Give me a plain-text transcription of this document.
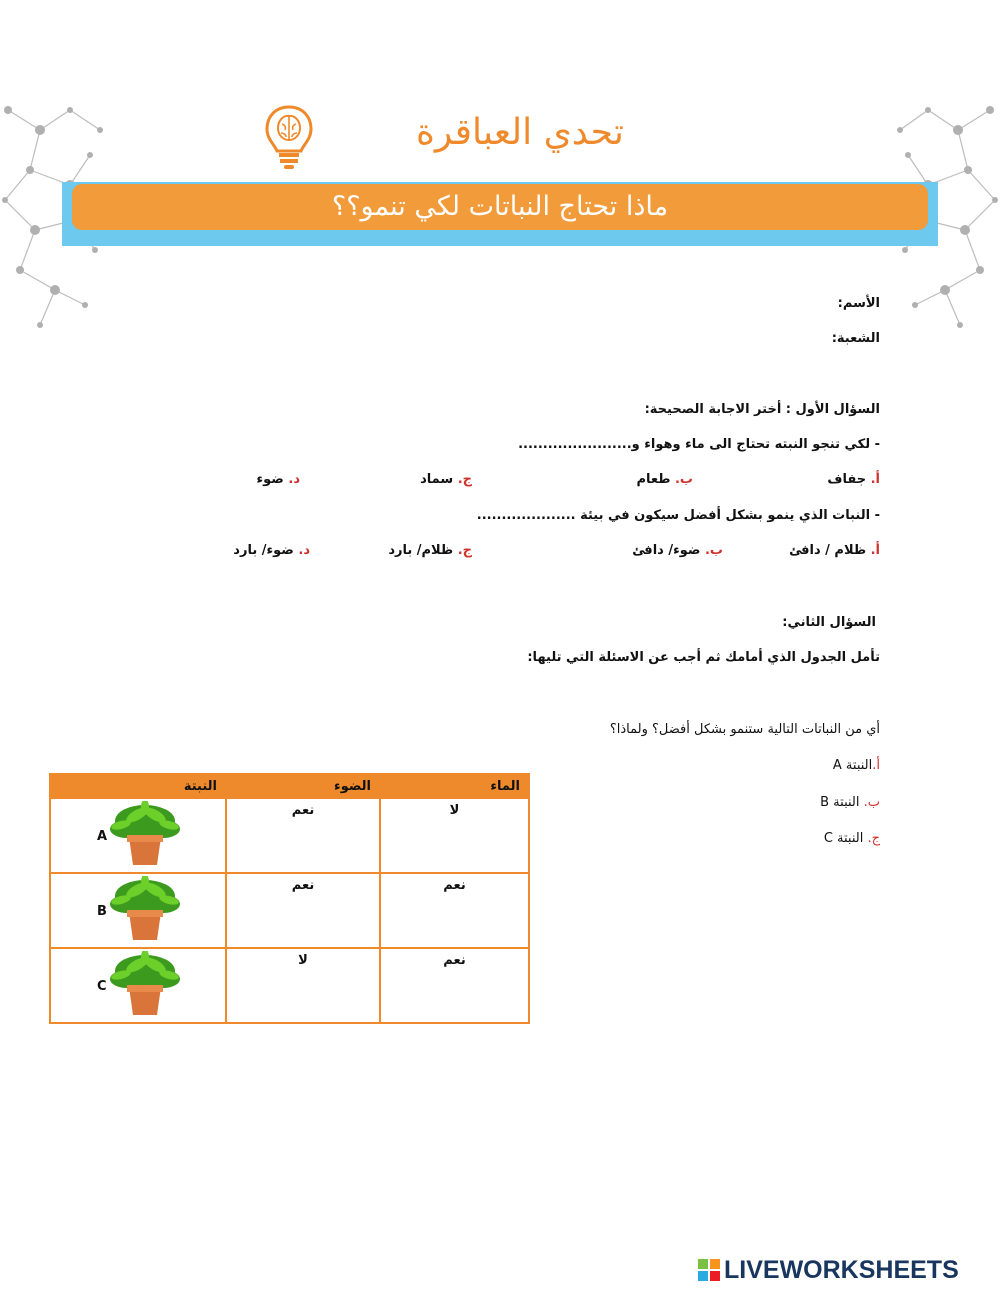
تحدي العباقرة
ماذا تحتاج النباتات لكي تنمو؟؟
الأسم:
الشعبة:
السؤال الأول : أختر الاجابة الصحيحة:
- لكي تنجو النبته تحتاج الى ماء وهواء و.......................
أ. جفاف
ب. طعام
ج. سماد
د. ضوء
- النبات الذي ينمو بشكل أفضل سيكون في بيئة ....................
أ. ظلام / دافئ
ب. ضوء/ دافئ
ج. ظلام/ بارد
د. ضوء/ بارد
السؤال الثاني:
تأمل الجدول الذي أمامك ثم أجب عن الاسئلة التي تليها:
أي من النباتات التالية ستنمو بشكل أفضل؟ ولماذا؟
أ.النبتة A
ب. النبتة B
ج. النبتة C
النبتة	الضوء	الماء

A	نعم	لا

B	نعم	نعم

C	لا	نعم
LIVEWORKSHEETS
